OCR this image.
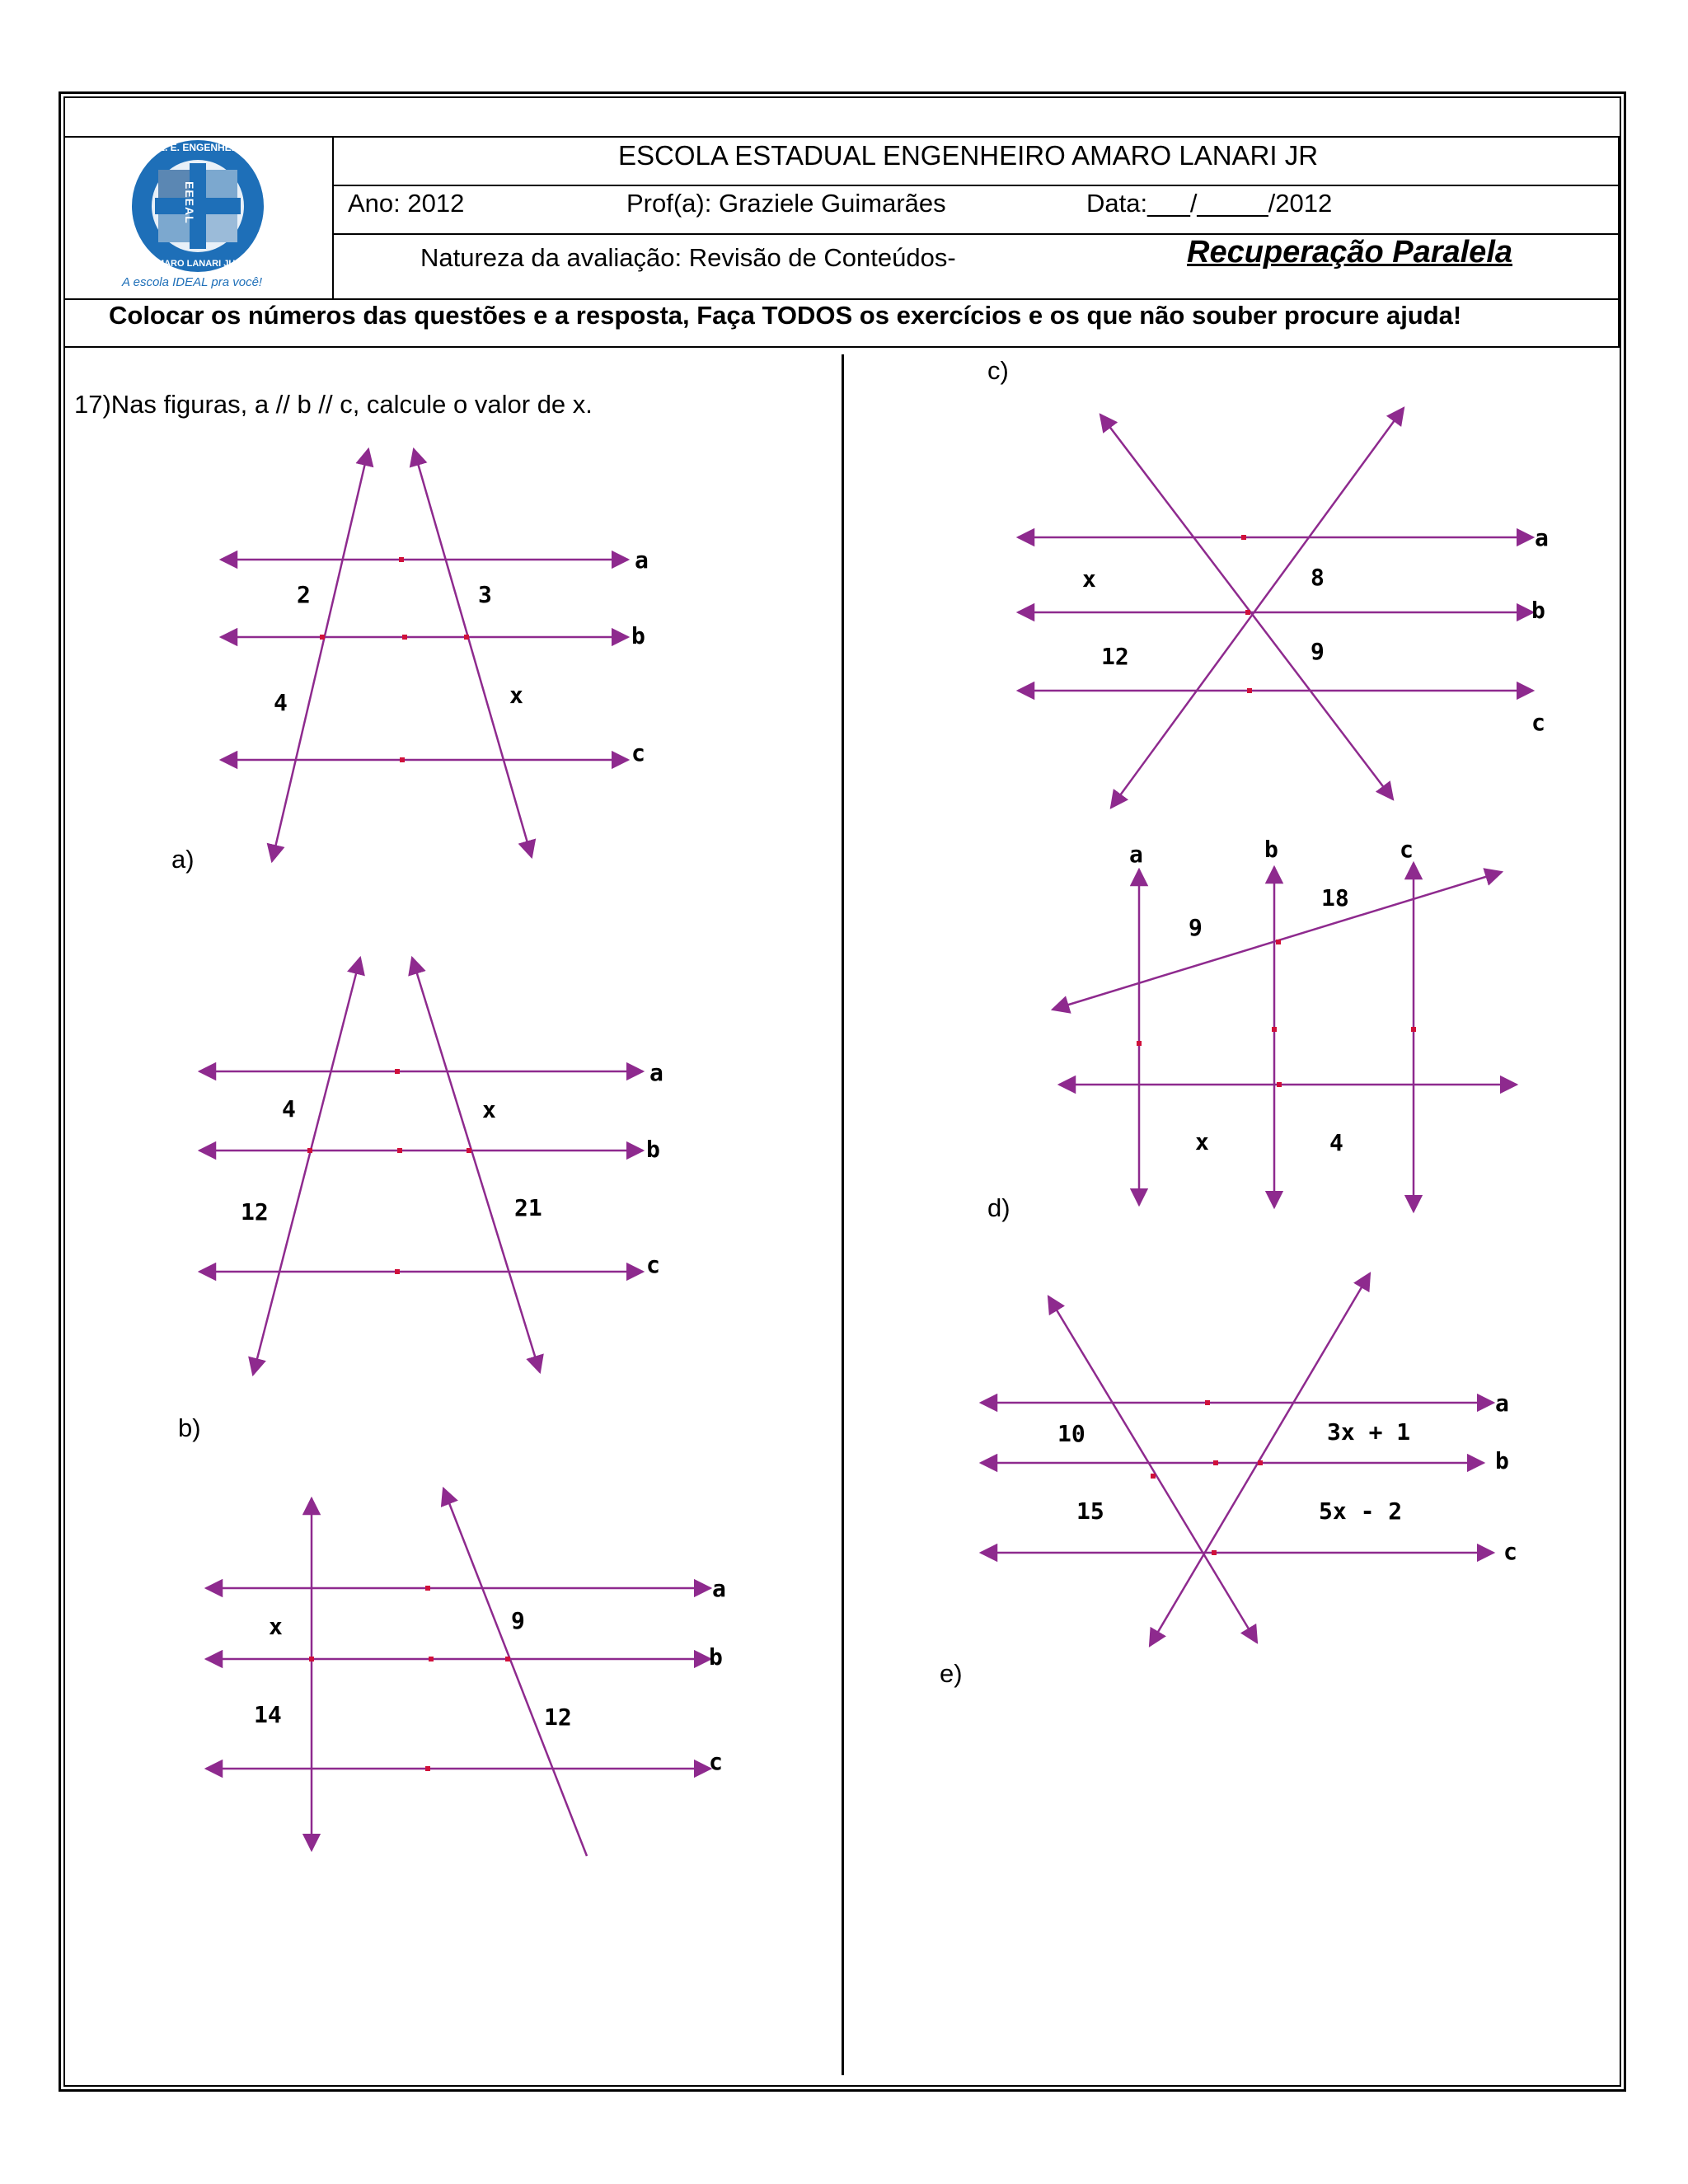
EEEAL
E. E. ENGENHEIRO
AMARO LANARI JUNIOR
A escola IDEAL pra você!
ESCOLA ESTADUAL ENGENHEIRO AMARO LANARI JR
Ano: 2012	Prof(a): Graziele Guimarães	Data:___/_____/2012
Natureza da avaliação: Revisão de Conteúdos-	Recuperação Paralela
Colocar os números das questões e a resposta, Faça TODOS os exercícios e os que não souber procure ajuda!
17)Nas figuras, a // b // c, calcule o valor de x.
a)
b)
c)
d)
e)
a
b
c
2	3
4	x
a
b
c
4	x
12	21
a
b
c
x	9
14	12
a
b
c
x	8
12	9
a	b	c
9
18
x	4
a
b
c
10	3x + 1
15	5x - 2
